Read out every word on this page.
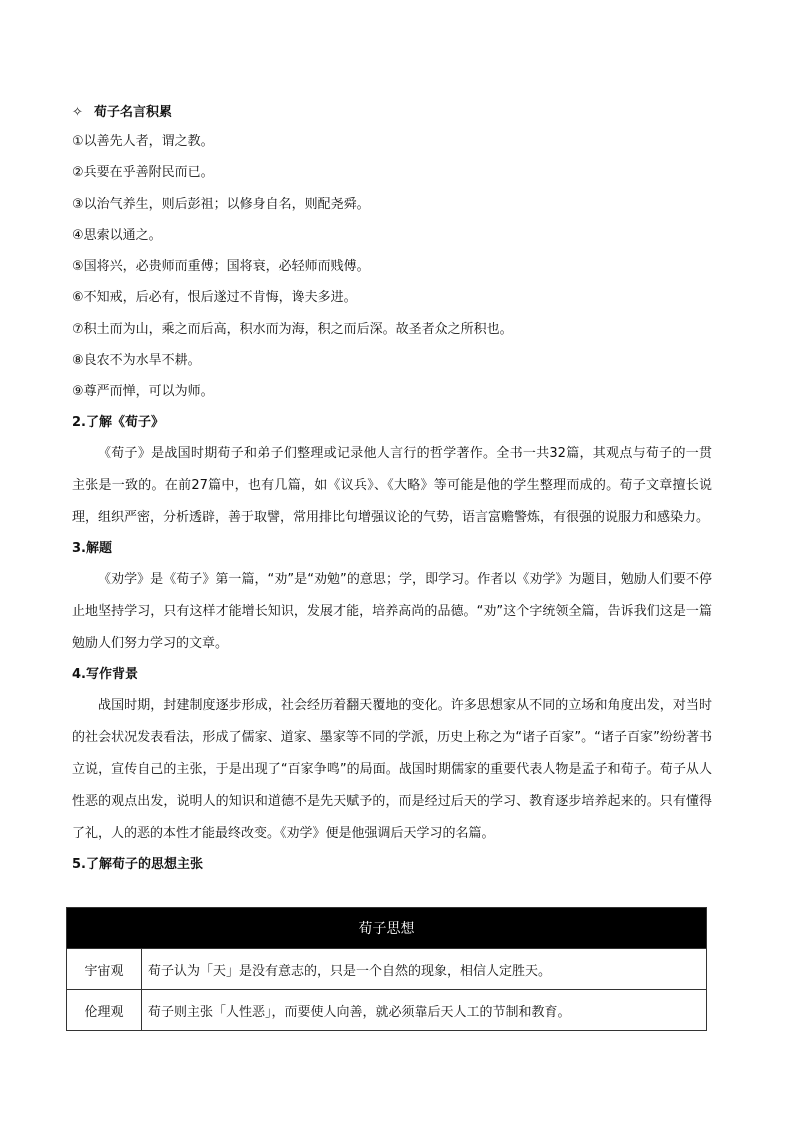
✧ 荀子名言积累
①以善先人者，谓之教。
②兵要在乎善附民而已。
③以治气养生，则后彭祖；以修身自名，则配尧舜。
④思索以通之。
⑤国将兴，必贵师而重傅；国将衰，必轻师而贱傅。
⑥不知戒，后必有，恨后遂过不肯悔，谗夫多进。
⑦积土而为山，乘之而后高，积水而为海，积之而后深。故圣者众之所积也。
⑧良农不为水旱不耕。
⑨尊严而惮，可以为师。
2.了解《荀子》

《荀子》是战国时期荀子和弟子们整理或记录他人言行的哲学著作。全书一共32篇，其观点与荀子的一贯主张是一致的。在前27篇中，也有几篇，如《议兵》、《大略》等可能是他的学生整理而成的。荀子文章擅长说理，组织严密，分析透辟，善于取譬，常用排比句增强议论的气势，语言富赡警炼，有很强的说服力和感染力。

3.解题

《劝学》是《荀子》第一篇，“劝”是“劝勉”的意思；学，即学习。作者以《劝学》为题目，勉励人们要不停止地坚持学习，只有这样才能增长知识，发展才能，培养高尚的品德。“劝”这个字统领全篇，告诉我们这是一篇勉励人们努力学习的文章。

4.写作背景

战国时期，封建制度逐步形成，社会经历着翻天覆地的变化。许多思想家从不同的立场和角度出发，对当时的社会状况发表看法，形成了儒家、道家、墨家等不同的学派，历史上称之为“诸子百家”。“诸子百家”纷纷著书立说，宣传自己的主张，于是出现了“百家争鸣”的局面。战国时期儒家的重要代表人物是孟子和荀子。荀子从人性恶的观点出发，说明人的知识和道德不是先天赋予的，而是经过后天的学习、教育逐步培养起来的。只有懂得了礼，人的恶的本性才能最终改变。《劝学》便是他强调后天学习的名篇。

5.了解荀子的思想主张
荀子思想	
宇宙观	荀子认为「天」是没有意志的，只是一个自然的现象，相信人定胜天。
伦理观	荀子则主张「人性恶」，而要使人向善，就必须靠后天人工的节制和教育。
